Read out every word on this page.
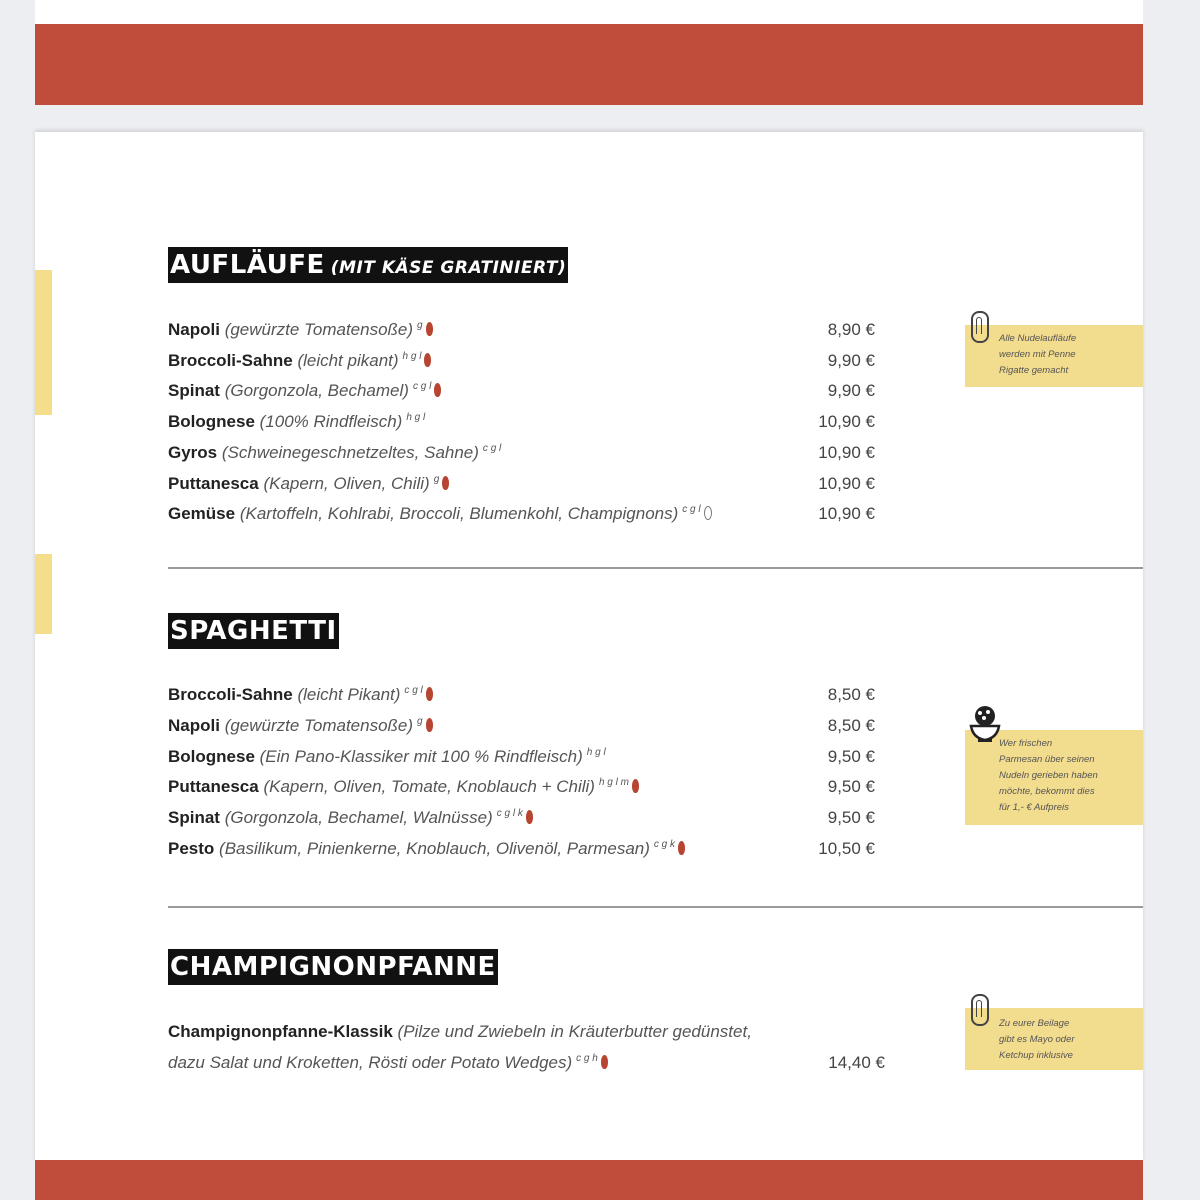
AUFLÄUFE (MIT KÄSE GRATINIERT)
Napoli (gewürzte Tomatensoße) $^g$	8,90 €
Broccoli-Sahne (leicht pikant) $^{h g l}$	9,90 €
Spinat (Gorgonzola, Bechamel) $^{c g l}$	9,90 €
Bolognese (100% Rindfleisch) $^{h g l}$	10,90 €
Gyros (Schweinegeschnetzeltes, Sahne) $^{c g l}$	10,90 €
Puttanesca (Kapern, Oliven, Chili) $^g$	10,90 €
Gemüse (Kartoffeln, Kohlrabi, Broccoli, Blumenkohl, Champignons) $^{c g l}$	10,90 €
SPAGHETTI
Broccoli-Sahne (leicht Pikant) $^{c g l}$	8,50 €
Napoli (gewürzte Tomatensoße) $^g$	8,50 €
Bolognese (Ein Pano-Klassiker mit 100 % Rindfleisch) $^{h g l}$	9,50 €
Puttanesca (Kapern, Oliven, Tomate, Knoblauch + Chili) $^{h g l m}$	9,50 €
Spinat (Gorgonzola, Bechamel, Walnüsse) $^{c g l k}$	9,50 €
Pesto (Basilikum, Pinienkerne, Knoblauch, Olivenöl, Parmesan) $^{c g k}$	10,50 €
CHAMPIGNONPFANNE
Champignonpfanne-Klassik (Pilze und Zwiebeln in Kräuterbutter gedünstet,
dazu Salat und Kroketten, Rösti oder Potato Wedges) $^{c g h}$	14,40 €
Alle Nudelaufläufe
werden mit Penne
Rigatte gemacht
Wer frischen
Parmesan über seinen
Nudeln gerieben haben
möchte, bekommt dies
für 1,- € Aufpreis
Zu eurer Beilage
gibt es Mayo oder
Ketchup inklusive
